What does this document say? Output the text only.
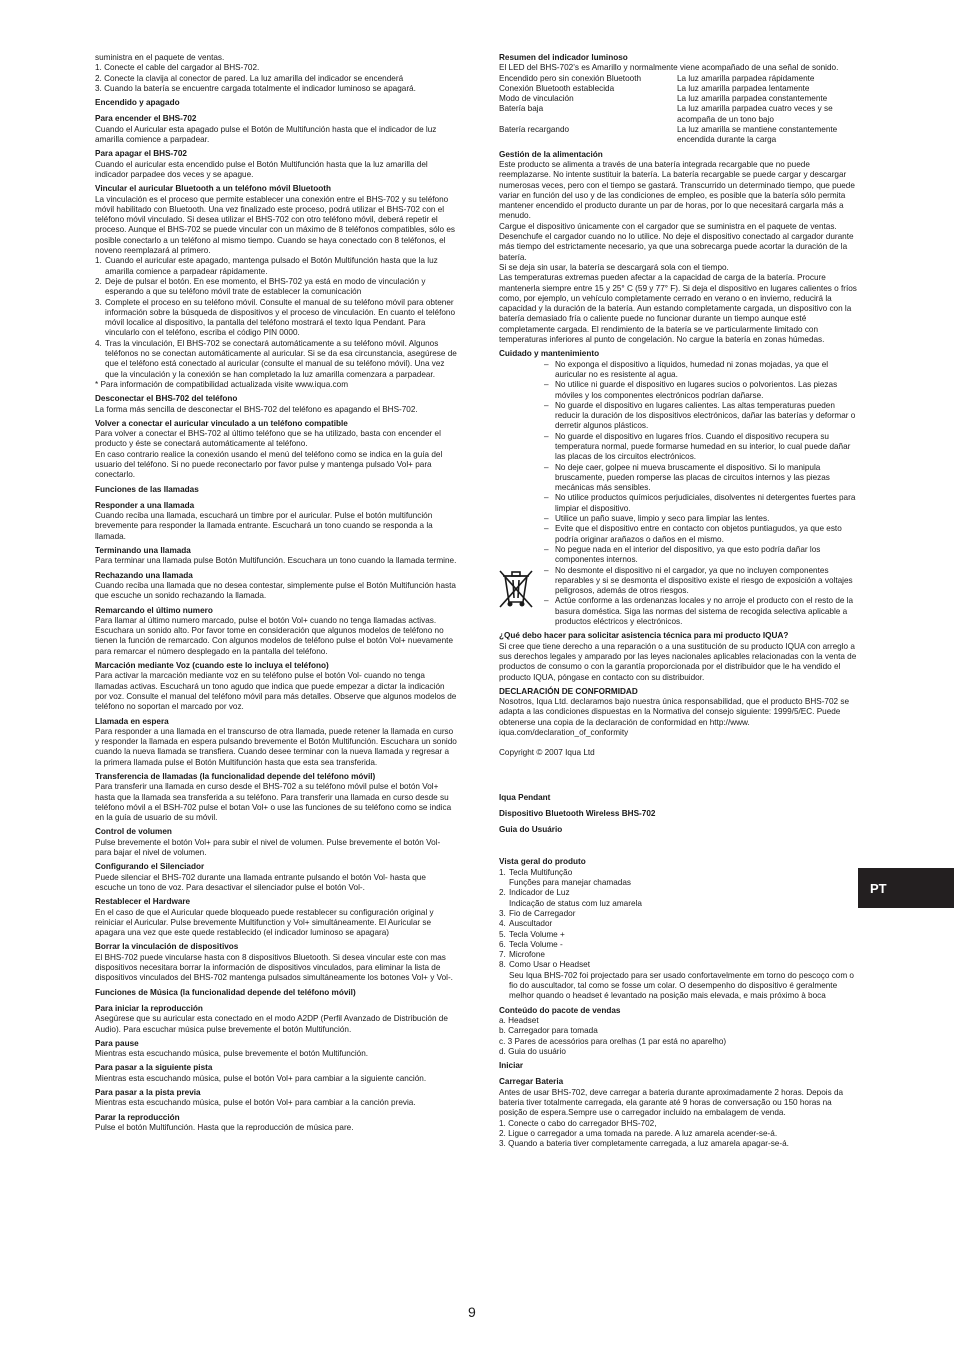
suministra en el paquete de ventas.

1. Conecte el cable del cargador al BHS-702.

2. Conecte la clavija al conector de pared. La luz amarilla del indicador se encenderá

3. Cuando la batería se encuentre cargada totalmente el indicador luminoso se apagará.

Encendido y apagado

Para encender el BHS-702

Cuando el Auricular esta apagado pulse el Botón de Multifunción hasta que el indicador de luz amarilla comience a parpadear.

Para apagar el BHS-702

Cuando el auricular esta encendido pulse el Botón Multifunción hasta que la luz amarilla del indicador parpadee dos veces y se apague.

Vincular el auricular Bluetooth a un teléfono móvil Bluetooth

La vinculación es el proceso que permite establecer una conexión entre el BHS-702 y su teléfono móvil habilitado con Bluetooth. Una vez finalizado este proceso, podrá utilizar el BHS-702 con el teléfono móvil vinculado. Si desea utilizar el BHS-702 con otro teléfono móvil, deberá repetir el proceso. Aunque el BHS-702 se puede vincular con un máximo de 8 teléfonos compatibles, sólo es posible conectarlo a un teléfono al mismo tiempo. Cuando se haya conectado con 8 teléfonos, el noveno reemplazará al primero.

1. Cuando el auricular este apagado, mantenga pulsado el Botón Multifunción hasta que la luz amarilla comience a parpadear rápidamente.
2. Deje de pulsar el botón. En ese momento, el BHS-702 ya está en modo de vinculación y esperando a que su teléfono móvil trate de establecer la comunicación
3. Complete el proceso en su teléfono móvil. Consulte el manual de su teléfono móvil para obtener información sobre la búsqueda de dispositivos y el proceso de vinculación. En cuanto el teléfono móvil localice al dispositivo, la pantalla del teléfono mostrará el texto Iqua Pendant. Para vincularlo con el teléfono, escriba el código PIN 0000.
4. Tras la vinculación, El BHS-702 se conectará automáticamente a su teléfono móvil. Algunos teléfonos no se conectan automáticamente al auricular. Si se da esa circunstancia, asegúrese de que el teléfono está conectado al auricular (consulte el manual de su teléfono móvil). Una vez que la vinculación y la conexión se han completado la luz amarilla comenzara a parpadear.

* Para información de compatibilidad actualizada visite www.iqua.com

Desconectar el BHS-702 del teléfono

La forma más sencilla de desconectar el BHS-702 del teléfono es apagando el BHS-702.

Volver a conectar el auricular vinculado a un teléfono compatible

Para volver a conectar el BHS-702 al último teléfono que se ha utilizado, basta con encender el producto y éste se conectará automáticamente al teléfono.

En caso contrario realice la conexión usando el menú del teléfono como se indica en la guía del usuario del teléfono. Si no puede reconectarlo por favor pulse y mantenga pulsado Vol+ para conectarlo.

Funciones de las llamadas

Responder a una llamada

Cuando reciba una llamada, escuchará un timbre por el auricular. Pulse el botón multifunción brevemente para responder la llamada entrante. Escuchará un tono cuando se responda a la llamada.

Terminando una llamada

Para terminar una llamada pulse Botón Multifunción. Escuchara un tono cuando la llamada termine.

Rechazando una llamada

Cuando reciba una llamada que no desea contestar, simplemente pulse el Botón Multifunción hasta que escuche un sonido rechazando la llamada.

Remarcando el último numero

Para llamar al último numero marcado, pulse el botón Vol+ cuando no tenga llamadas activas. Escuchara un sonido alto. Por favor tome en consideración que algunos modelos de teléfono no tienen la función de remarcado. Con algunos modelos de teléfono pulse el botón Vol+ nuevamente para remarcar el número desplegado en la pantalla del teléfono.

Marcación mediante Voz (cuando este lo incluya el teléfono)

Para activar la marcación mediante voz en su teléfono pulse el botón Vol- cuando no tenga llamadas activas. Escuchará un tono agudo que indica que puede empezar a dictar la indicación por voz. Consulte el manual del teléfono móvil para más detalles. Observe que algunos modelos de teléfono no soportan el marcado por voz.

Llamada en espera

Para responder a una llamada en el transcurso de otra llamada, puede retener la llamada en curso y responder la llamada en espera pulsando brevemente el Botón Multifunción. Escuchara un sonido cuando la nueva llamada se transfiera. Cuando desee terminar con la nueva llamada y regresar a la primera llamada pulse el Botón Multifunción hasta que esta sea transferida.

Transferencia de llamadas (la funcionalidad depende del teléfono móvil)

Para transferir una llamada en curso desde el BHS-702 a su teléfono móvil pulse el botón Vol+ hasta que la llamada sea transferida a su teléfono. Para transferir una llamada en curso desde su teléfono móvil a el BSH-702 pulse el botan Vol+ o use las funciones de su teléfono como se indica en la guía de usuario de su móvil.

Control de volumen

Pulse brevemente el botón Vol+ para subir el nivel de volumen. Pulse brevemente el botón Vol- para bajar el nivel de volumen.

Configurando el Silenciador

Puede silenciar el BHS-702 durante una llamada entrante pulsando el botón Vol- hasta que escuche un tono de voz. Para desactivar el silenciador pulse el botón Vol-.

Restablecer el Hardware

En el caso de que el Auricular quede bloqueado puede restablecer su configuración original y reiniciar el Auricular. Pulse brevemente Multifunction y Vol+ simultáneamente. El Auricular se apagara una vez que este quede restablecido (el indicador luminoso se apagara)

Borrar la vinculación de dispositivos

El BHS-702 puede vincularse hasta con 8 dispositivos Bluetooth. Si desea vincular este con mas dispositivos necesitara borrar la información de dispositivos vinculados, para eliminar la lista de dispositivos vinculados del BHS-702 mantenga pulsados simultáneamente los botones Vol+ y Vol-.

Funciones de Música (la funcionalidad depende del teléfono móvil)

Para iniciar la reproducción

Asegúrese que su auricular esta conectado en el modo A2DP (Perfil Avanzado de Distribución de Audio). Para escuchar música pulse brevemente el botón Multifunción.

Para pause

Mientras esta escuchando música, pulse brevemente el botón Multifunción.

Para pasar a la siguiente pista

Mientras esta escuchando música, pulse el botón Vol+ para cambiar a la siguiente canción.

Para pasar a la pista previa

Mientras esta escuchando música, pulse el botón Vol+ para cambiar a la canción previa.

Parar la reproducción

Pulse el botón Multifunción. Hasta que la reproducción de música pare.

Resumen del indicador luminoso

El LED del BHS-702’s es Amarillo y normalmente viene acompañado de una señal de sonido.

Encendido pero sin conexión Bluetooth	La luz amarilla parpadea rápidamente
Conexión Bluetooth establecida	La luz amarilla parpadea lentamente
Modo de vinculación	La luz amarilla parpadea constantemente
Batería baja	La luz amarilla parpadea cuatro veces y se acompaña de un tono bajo
Batería recargando	La luz amarilla se mantiene constantemente encendida durante la carga

Gestión de la alimentación

Este producto se alimenta a través de una batería integrada recargable que no puede reemplazarse. No intente sustituir la batería. La batería recargable se puede cargar y descargar numerosas veces, pero con el tiempo se gastará. Transcurrido un determinado tiempo, que puede variar en función del uso y de las condiciones de empleo, es posible que la batería sólo permita mantener encendido el producto durante un par de horas, por lo que necesitará cargarla más a menudo.

Cargue el dispositivo únicamente con el cargador que se suministra en el paquete de ventas. Desenchufe el cargador cuando no lo utilice. No deje el dispositivo conectado al cargador durante más tiempo del estrictamente necesario, ya que una sobrecarga puede acortar la duración de la batería.

Si se deja sin usar, la batería se descargará sola con el tiempo.

Las temperaturas extremas pueden afectar a la capacidad de carga de la batería. Procure mantenerla siempre entre 15 y 25° C (59 y 77° F). Si deja el dispositivo en lugares calientes o fríos como, por ejemplo, un vehículo completamente cerrado en verano o en invierno, reducirá la capacidad y la duración de la batería. Aun estando completamente cargada, un dispositivo con la batería demasiado fría o caliente puede no funcionar durante un tiempo aunque esté completamente cargada. El rendimiento de la batería se ve particularmente limitado con temperaturas inferiores al punto de congelación. No cargue la batería en zonas húmedas.

Cuidado y mantenimiento

– No exponga el dispositivo a líquidos, humedad ni zonas mojadas, ya que el auricular no es resistente al agua.
– No utilice ni guarde el dispositivo en lugares sucios o polvorientos. Las piezas móviles y los componentes electrónicos podrían dañarse.
– No guarde el dispositivo en lugares calientes. Las altas temperaturas pueden reducir la duración de los dispositivos electrónicos, dañar las baterías y deformar o derretir algunos plásticos.
– No guarde el dispositivo en lugares fríos. Cuando el dispositivo recupera su temperatura normal, puede formarse humedad en su interior, lo cual puede dañar las placas de los circuitos electrónicos.
– No deje caer, golpee ni mueva bruscamente el dispositivo. Si lo manipula bruscamente, pueden romperse las placas de circuitos internos y las piezas mecánicas más sensibles.
– No utilice productos químicos perjudiciales, disolventes ni detergentes fuertes para limpiar el dispositivo.
– Utilice un paño suave, limpio y seco para limpiar las lentes.
– Evite que el dispositivo entre en contacto con objetos puntiagudos, ya que esto podría originar arañazos o daños en el mismo.
– No pegue nada en el interior del dispositivo, ya que esto podría dañar los componentes internos.
– No desmonte el dispositivo ni el cargador, ya que no incluyen componentes reparables y si se desmonta el dispositivo existe el riesgo de exposición a voltajes peligrosos, además de otros riesgos.
– Actúe conforme a las ordenanzas locales y no arroje el producto con el resto de la basura doméstica. Siga las normas del sistema de recogida selectiva aplicable a productos eléctricos y electrónicos.

¿Qué debo hacer para solicitar asistencia técnica para mi producto IQUA?

Si cree que tiene derecho a una reparación o a una sustitución de su producto IQUA con arreglo a sus derechos legales y amparado por las leyes nacionales aplicables relacionadas con la venta de productos de consumo o con la garantía proporcionada por el distribuidor que le ha vendido el producto IQUA, póngase en contacto con su distribuidor.

DECLARACIÓN DE CONFORMIDAD

Nosotros, Iqua Ltd. declaramos bajo nuestra única responsabilidad, que el producto BHS-702 se adapta a las condiciones dispuestas en la Normativa del consejo siguiente: 1999/5/EC. Puede obtenerse una copia de la declaración de conformidad en http://www. iqua.com/declaration_of_conformity

Copyright © 2007 Iqua Ltd

Iqua Pendant

Dispositivo Bluetooth Wireless BHS-702

Guia do Usuário

Vista geral do produto

1. Tecla Multifunção
Funções para manejar chamadas
2. Indicador de Luz
Indicação de status com luz amarela
3. Fio de Carregador
4. Auscultador
5. Tecla Volume +
6. Tecla Volume -
7. Microfone
8. Como Usar o Headset
Seu Iqua BHS-702 foi projectado para ser usado confortavelmente em torno do pescoço com o fio do auscultador, tal como se fosse um colar. O desempenho do dispositivo é geralmente melhor quando o headset é levantado na posição mais elevada, e mais próximo à boca

Conteúdo do pacote de vendas

a. Headset

b. Carregador para tomada

c. 3 Pares de acessórios para orelhas (1 par está no aparelho)

d. Guia do usuário

Iniciar

Carregar Bateria

Antes de usar BHS-702, deve carregar a bateria durante aproximadamente 2 horas. Depois da bateria tiver totalmente carregada, ela garante até 9 horas de conversação ou 150 horas na posição de espera.Sempre use o carregador incluido na embalagem de venda.

1. Conecte o cabo do carregador BHS-702,

2. Ligue o carregador a uma tomada na parede. A luz amarela acender-se-á.

3. Quando a bateria tiver completamente carregada, a luz amarela apagar-se-á.

PT
9
